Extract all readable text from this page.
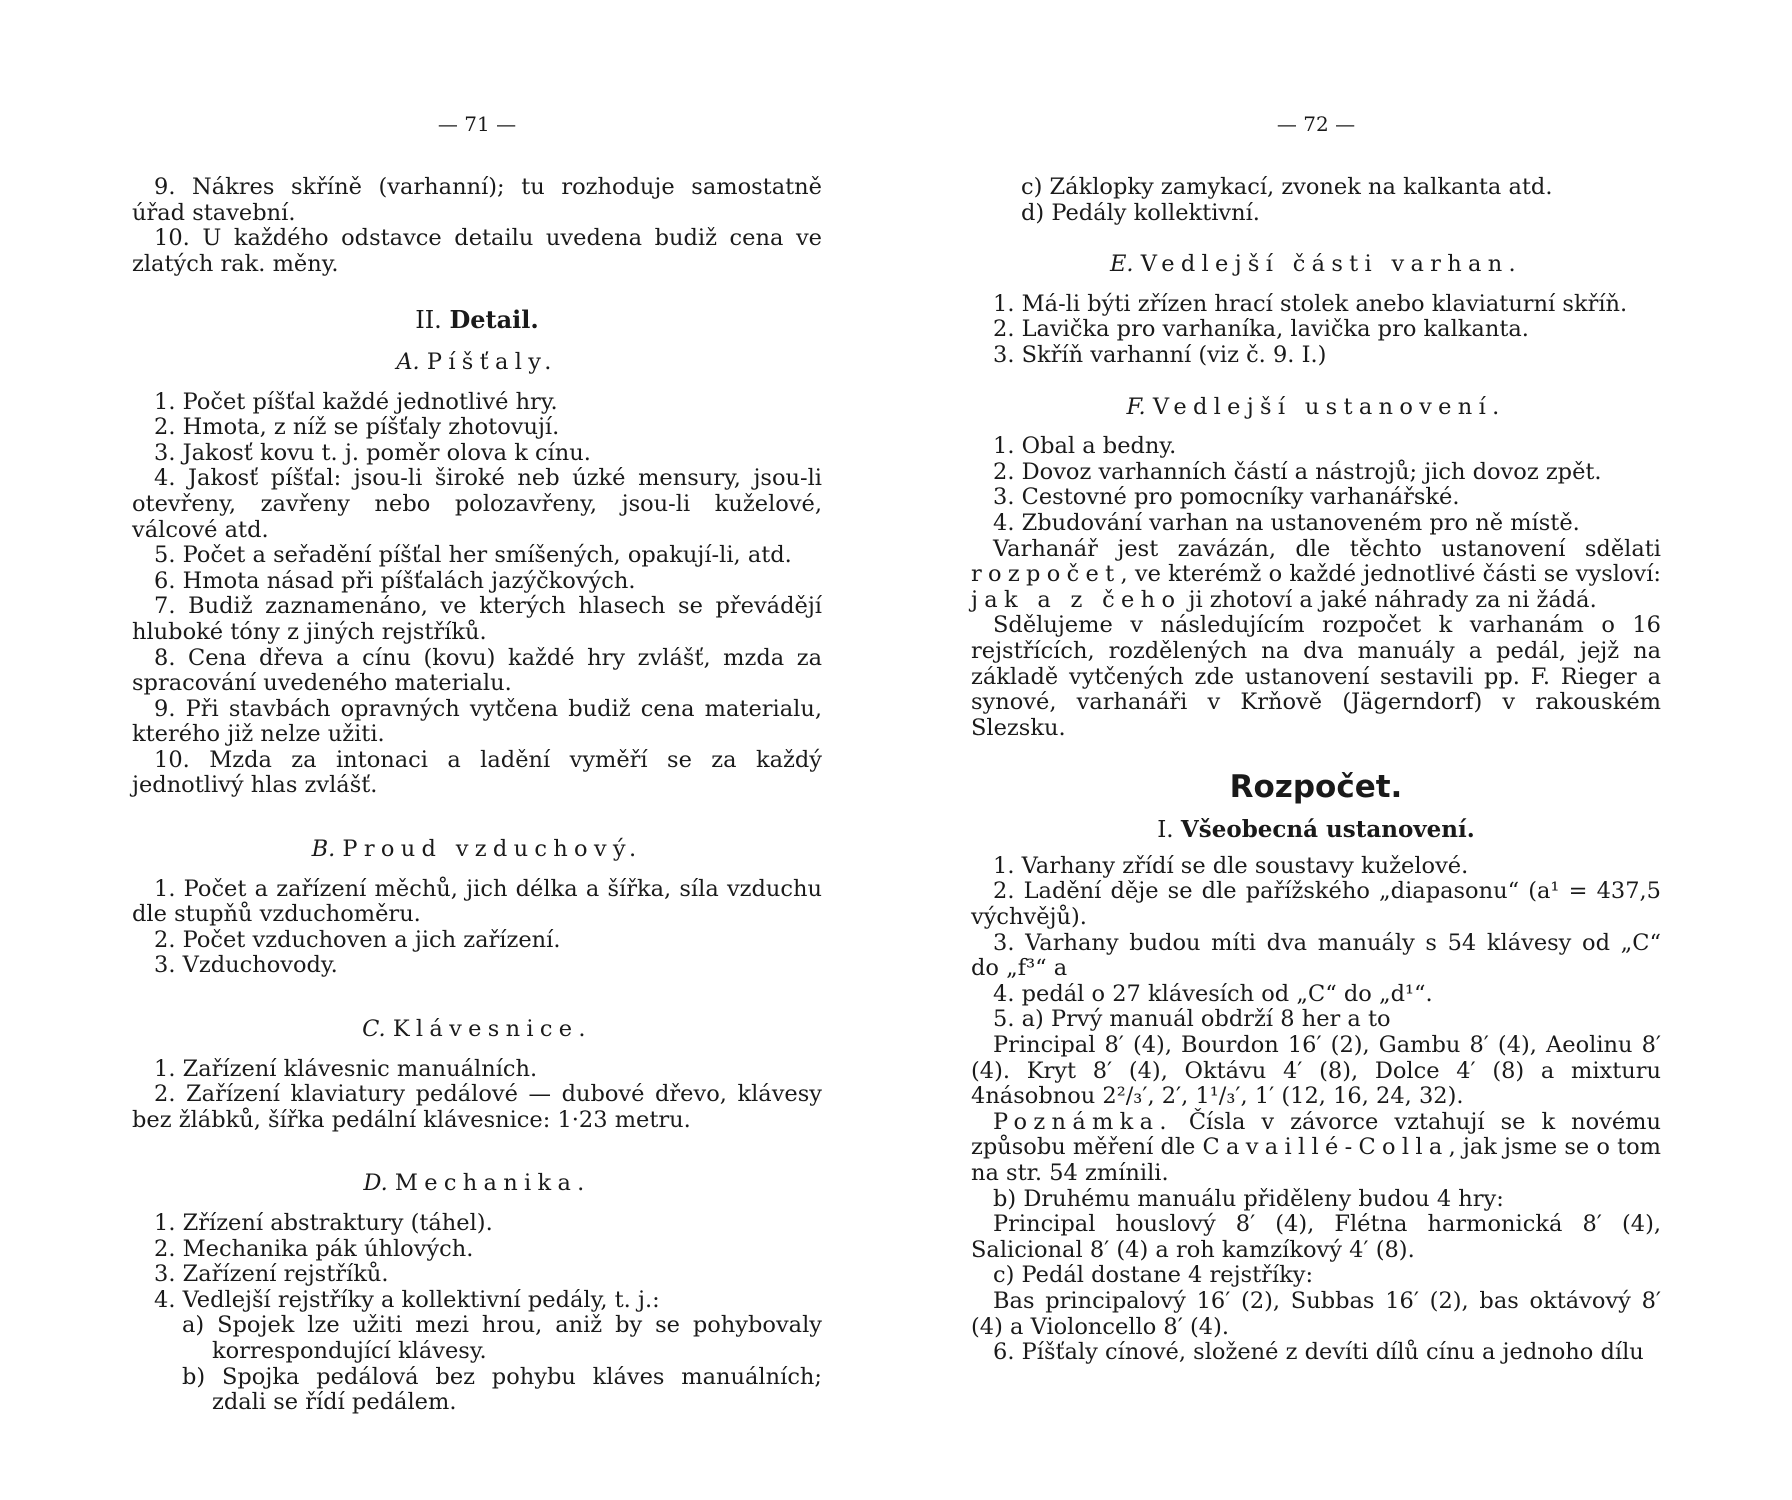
— 71 —

9. Nákres skříně (varhanní); tu rozhoduje samostatně úřad stavební.

10. U každého odstavce detailu uvedena budiž cena ve zlatých rak. měny.

II. Detail.
A. Píšťaly.

1. Počet píšťal každé jednotlivé hry.

2. Hmota, z níž se píšťaly zhotovují.

3. Jakosť kovu t. j. poměr olova k cínu.

4. Jakosť píšťal: jsou-li široké neb úzké mensury, jsou-li otevřeny, zavřeny nebo polozavřeny, jsou-li kuželové, válcové atd.

5. Počet a seřadění píšťal her smíšených, opakují-li, atd.

6. Hmota násad při píšťalách jazýčkových.

7. Budiž zaznamenáno, ve kterých hlasech se převádějí hluboké tóny z jiných rejstříků.

8. Cena dřeva a cínu (kovu) každé hry zvlášť, mzda za spracování uvedeného materialu.

9. Při stavbách opravných vytčena budiž cena materialu, kterého již nelze užiti.

10. Mzda za intonaci a ladění vyměří se za každý jednotlivý hlas zvlášť.

B. Proud vzduchový.

1. Počet a zařízení měchů, jich délka a šířka, síla vzduchu dle stupňů vzduchoměru.

2. Počet vzduchoven a jich zařízení.

3. Vzduchovody.

C. Klávesnice.

1. Zařízení klávesnic manuálních.

2. Zařízení klaviatury pedálové — dubové dřevo, klávesy bez žlábků, šířka pedální klávesnice: 1·23 metru.

D. Mechanika.

1. Zřízení abstraktury (táhel).

2. Mechanika pák úhlových.

3. Zařízení rejstříků.

4. Vedlejší rejstříky a kollektivní pedály, t. j.:

a) Spojek lze užiti mezi hrou, aniž by se pohybovaly korrespondující klávesy.

b) Spojka pedálová bez pohybu kláves manuálních; zdali se řídí pedálem.

— 72 —

c) Záklopky zamykací, zvonek na kalkanta atd.

d) Pedály kollektivní.

E. Vedlejší části varhan.

1. Má-li býti zřízen hrací stolek anebo klaviaturní skříň.

2. Lavička pro varhaníka, lavička pro kalkanta.

3. Skříň varhanní (viz č. 9. I.)

F. Vedlejší ustanovení.

1. Obal a bedny.

2. Dovoz varhanních částí a nástrojů; jich dovoz zpět.

3. Cestovné pro pomocníky varhanářské.

4. Zbudování varhan na ustanoveném pro ně místě.

Varhanář jest zavázán, dle těchto ustanovení sdělati rozpočet, ve kterémž o každé jednotlivé části se vysloví: jak a z čeho ji zhotoví a jaké náhrady za ni žádá.

Sdělujeme v následujícím rozpočet k varhanám o 16 rejstřících, rozdělených na dva manuály a pedál, jejž na základě vytčených zde ustanovení sestavili pp. F. Rieger a synové, varhanáři v Krňově (Jägerndorf) v rakouském Slezsku.

Rozpočet.
I. Všeobecná ustanovení.

1. Varhany zřídí se dle soustavy kuželové.

2. Ladění děje se dle pařížského „diapasonu“ (a¹ = 437,5 výchvějů).

3. Varhany budou míti dva manuály s 54 klávesy od „C“ do „f³“ a

4. pedál o 27 klávesích od „C“ do „d¹“.

5. a) Prvý manuál obdrží 8 her a to

Principal 8′ (4), Bourdon 16′ (2), Gambu 8′ (4), Aeolinu 8′ (4). Kryt 8′ (4), Oktávu 4′ (8), Dolce 4′ (8) a mixturu 4násobnou 2²/₃′, 2′, 1¹/₃′, 1′ (12, 16, 24, 32).

Poznámka. Čísla v závorce vztahují se k novému způsobu měření dle Cavaillé-Colla, jak jsme se o tom na str. 54 zmínili.

b) Druhému manuálu přiděleny budou 4 hry:

Principal houslový 8′ (4), Flétna harmonická 8′ (4), Salicional 8′ (4) a roh kamzíkový 4′ (8).

c) Pedál dostane 4 rejstříky:

Bas principalový 16′ (2), Subbas 16′ (2), bas oktávový 8′ (4) a Violoncello 8′ (4).

6. Píšťaly cínové, složené z devíti dílů cínu a jednoho dílu
